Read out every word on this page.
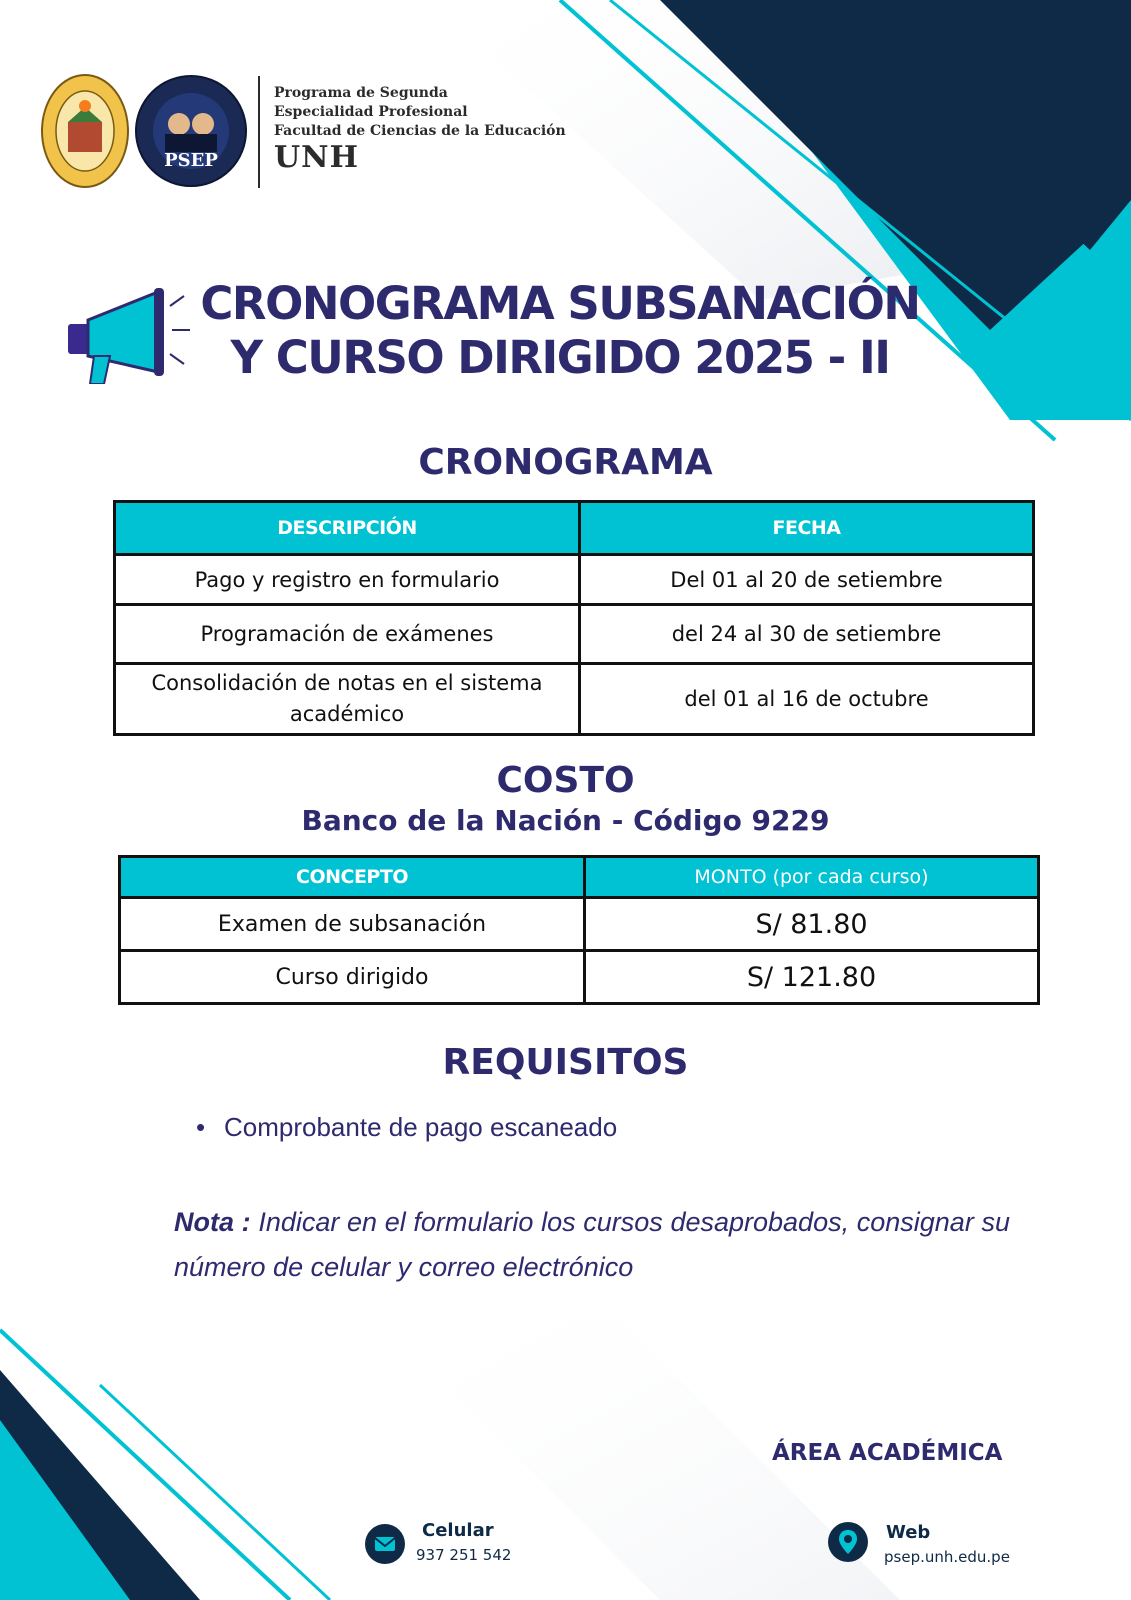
PSEP
Programa de Segunda
Especialidad Profesional
Facultad de Ciencias de la Educación
UNH
CRONOGRAMA SUBSANACIÓN
Y CURSO DIRIGIDO 2025 - II
CRONOGRAMA
DESCRIPCIÓN	FECHA
Pago y registro en formulario	Del 01 al 20 de setiembre
Programación de exámenes	del 24 al 30 de setiembre
Consolidación de notas en el sistema académico	del 01 al 16 de octubre
COSTO
Banco de la Nación - Código 9229
CONCEPTO	MONTO (por cada curso)
Examen de subsanación	S/ 81.80
Curso dirigido	S/ 121.80
REQUISITOS
• Comprobante de pago escaneado
Nota : Indicar en el formulario los cursos desaprobados, consignar su número de celular y correo electrónico
ÁREA ACADÉMICA
Celular
937 251 542
Web
psep.unh.edu.pe
